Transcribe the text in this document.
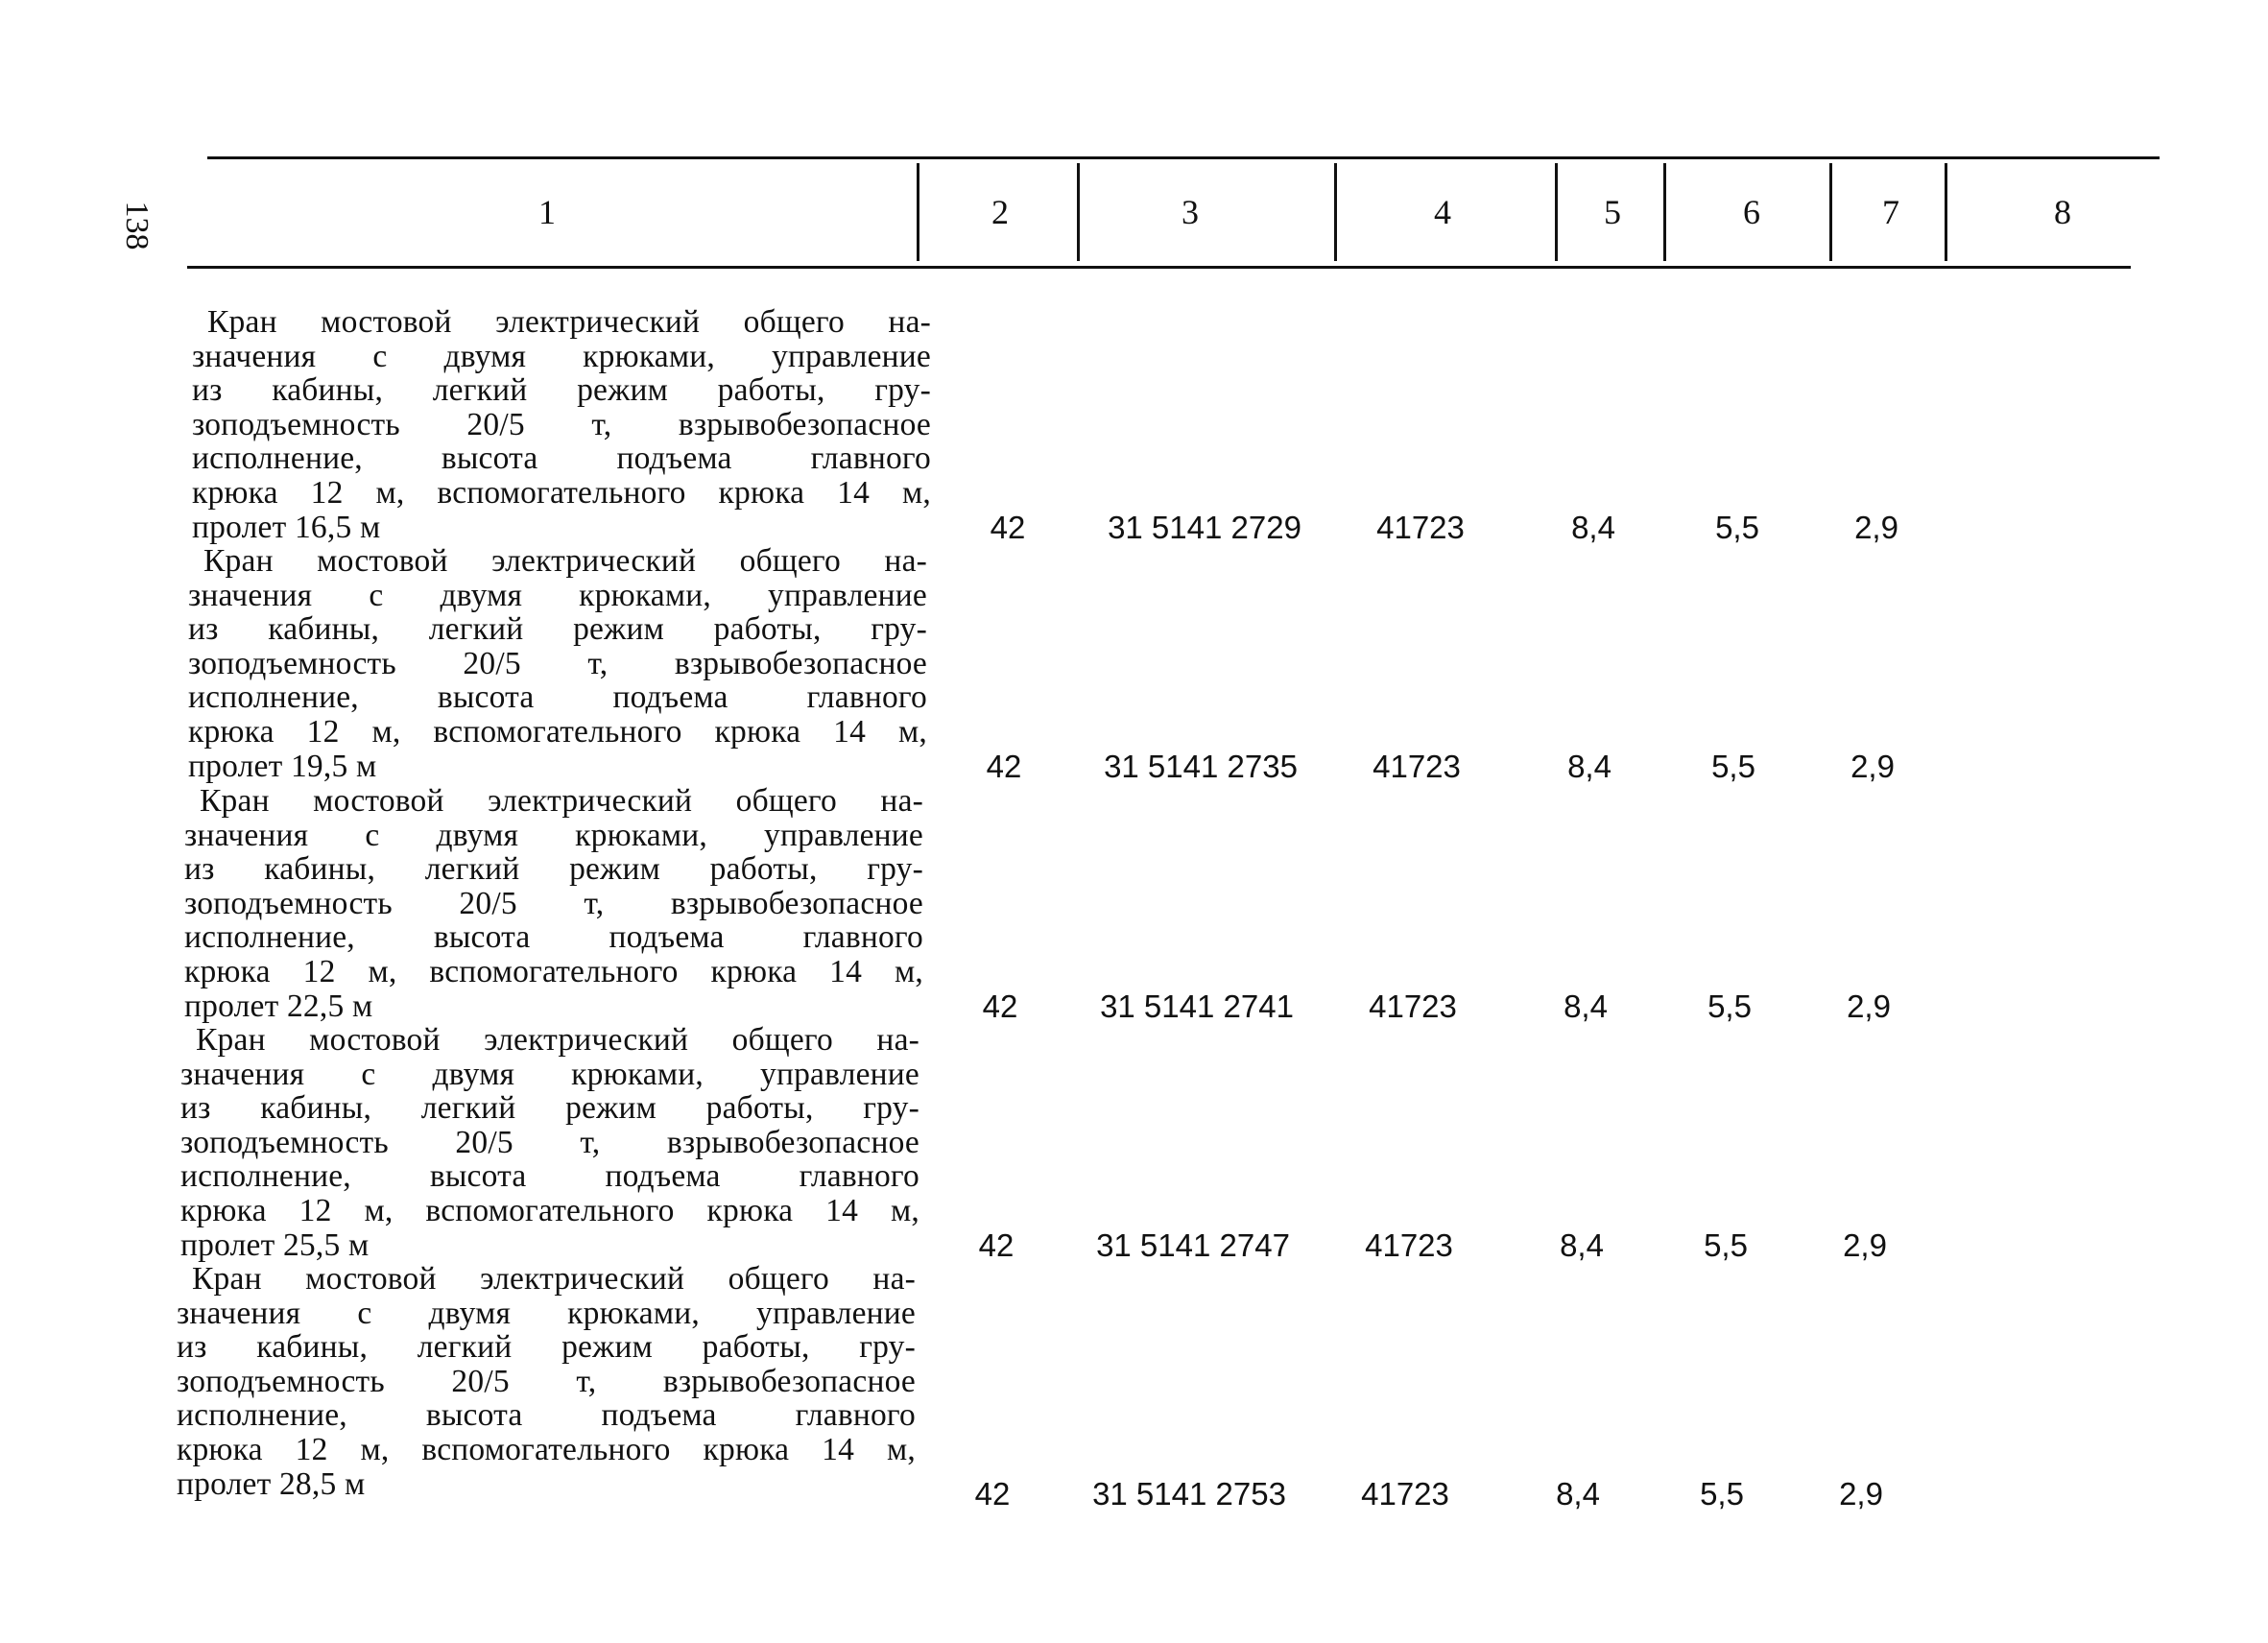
138	1	2	3	4	5	6	7	8
Кран мостовой электрический общего на-
значения с двумя крюками, управление
из кабины, легкий режим работы, гру-
зоподъемность 20/5 т, взрывобезопасное
исполнение, высота подъема главного
крюка 12 м, вспомогательного крюка 14 м,
пролет 16,5 м	42	31 5141 2729	41723	8,4	5,5	2,9
Кран мостовой электрический общего на-
значения с двумя крюками, управление
из кабины, легкий режим работы, гру-
зоподъемность 20/5 т, взрывобезопасное
исполнение, высота подъема главного
крюка 12 м, вспомогательного крюка 14 м,
пролет 19,5 м	42	31 5141 2735	41723	8,4	5,5	2,9
Кран мостовой электрический общего на-
значения с двумя крюками, управление
из кабины, легкий режим работы, гру-
зоподъемность 20/5 т, взрывобезопасное
исполнение, высота подъема главного
крюка 12 м, вспомогательного крюка 14 м,
пролет 22,5 м	42	31 5141 2741	41723	8,4	5,5	2,9
Кран мостовой электрический общего на-
значения с двумя крюками, управление
из кабины, легкий режим работы, гру-
зоподъемность 20/5 т, взрывобезопасное
исполнение, высота подъема главного
крюка 12 м, вспомогательного крюка 14 м,
пролет 25,5 м	42	31 5141 2747	41723	8,4	5,5	2,9
Кран мостовой электрический общего на-
значения с двумя крюками, управление
из кабины, легкий режим работы, гру-
зоподъемность 20/5 т, взрывобезопасное
исполнение, высота подъема главного
крюка 12 м, вспомогательного крюка 14 м,
пролет 28,5 м	42	31 5141 2753	41723	8,4	5,5	2,9
